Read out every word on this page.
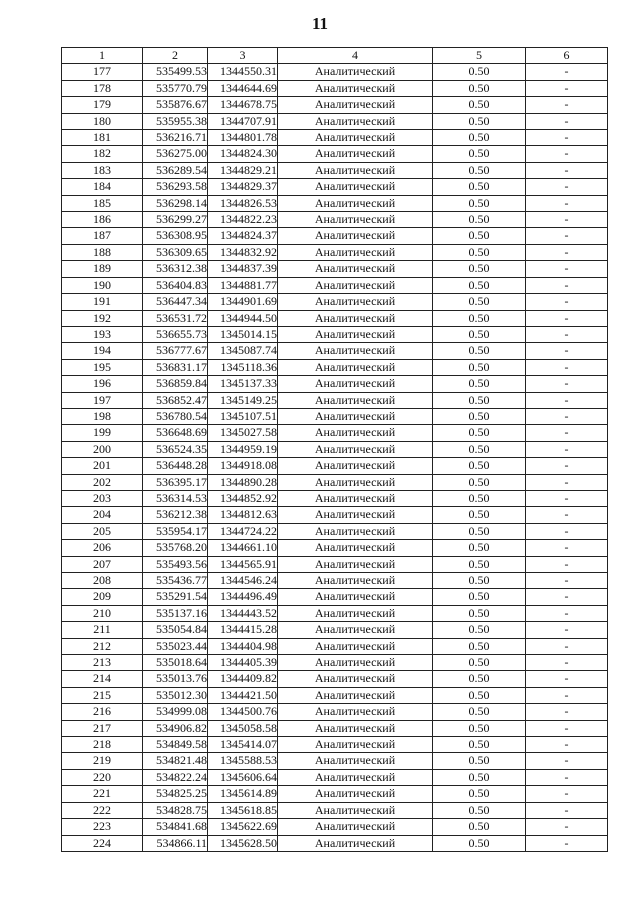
11
1	2	3	4	5	6
177	535499.53	1344550.31	Аналитический	0.50	-
178	535770.79	1344644.69	Аналитический	0.50	-
179	535876.67	1344678.75	Аналитический	0.50	-
180	535955.38	1344707.91	Аналитический	0.50	-
181	536216.71	1344801.78	Аналитический	0.50	-
182	536275.00	1344824.30	Аналитический	0.50	-
183	536289.54	1344829.21	Аналитический	0.50	-
184	536293.58	1344829.37	Аналитический	0.50	-
185	536298.14	1344826.53	Аналитический	0.50	-
186	536299.27	1344822.23	Аналитический	0.50	-
187	536308.95	1344824.37	Аналитический	0.50	-
188	536309.65	1344832.92	Аналитический	0.50	-
189	536312.38	1344837.39	Аналитический	0.50	-
190	536404.83	1344881.77	Аналитический	0.50	-
191	536447.34	1344901.69	Аналитический	0.50	-
192	536531.72	1344944.50	Аналитический	0.50	-
193	536655.73	1345014.15	Аналитический	0.50	-
194	536777.67	1345087.74	Аналитический	0.50	-
195	536831.17	1345118.36	Аналитический	0.50	-
196	536859.84	1345137.33	Аналитический	0.50	-
197	536852.47	1345149.25	Аналитический	0.50	-
198	536780.54	1345107.51	Аналитический	0.50	-
199	536648.69	1345027.58	Аналитический	0.50	-
200	536524.35	1344959.19	Аналитический	0.50	-
201	536448.28	1344918.08	Аналитический	0.50	-
202	536395.17	1344890.28	Аналитический	0.50	-
203	536314.53	1344852.92	Аналитический	0.50	-
204	536212.38	1344812.63	Аналитический	0.50	-
205	535954.17	1344724.22	Аналитический	0.50	-
206	535768.20	1344661.10	Аналитический	0.50	-
207	535493.56	1344565.91	Аналитический	0.50	-
208	535436.77	1344546.24	Аналитический	0.50	-
209	535291.54	1344496.49	Аналитический	0.50	-
210	535137.16	1344443.52	Аналитический	0.50	-
211	535054.84	1344415.28	Аналитический	0.50	-
212	535023.44	1344404.98	Аналитический	0.50	-
213	535018.64	1344405.39	Аналитический	0.50	-
214	535013.76	1344409.82	Аналитический	0.50	-
215	535012.30	1344421.50	Аналитический	0.50	-
216	534999.08	1344500.76	Аналитический	0.50	-
217	534906.82	1345058.58	Аналитический	0.50	-
218	534849.58	1345414.07	Аналитический	0.50	-
219	534821.48	1345588.53	Аналитический	0.50	-
220	534822.24	1345606.64	Аналитический	0.50	-
221	534825.25	1345614.89	Аналитический	0.50	-
222	534828.75	1345618.85	Аналитический	0.50	-
223	534841.68	1345622.69	Аналитический	0.50	-
224	534866.11	1345628.50	Аналитический	0.50	-
